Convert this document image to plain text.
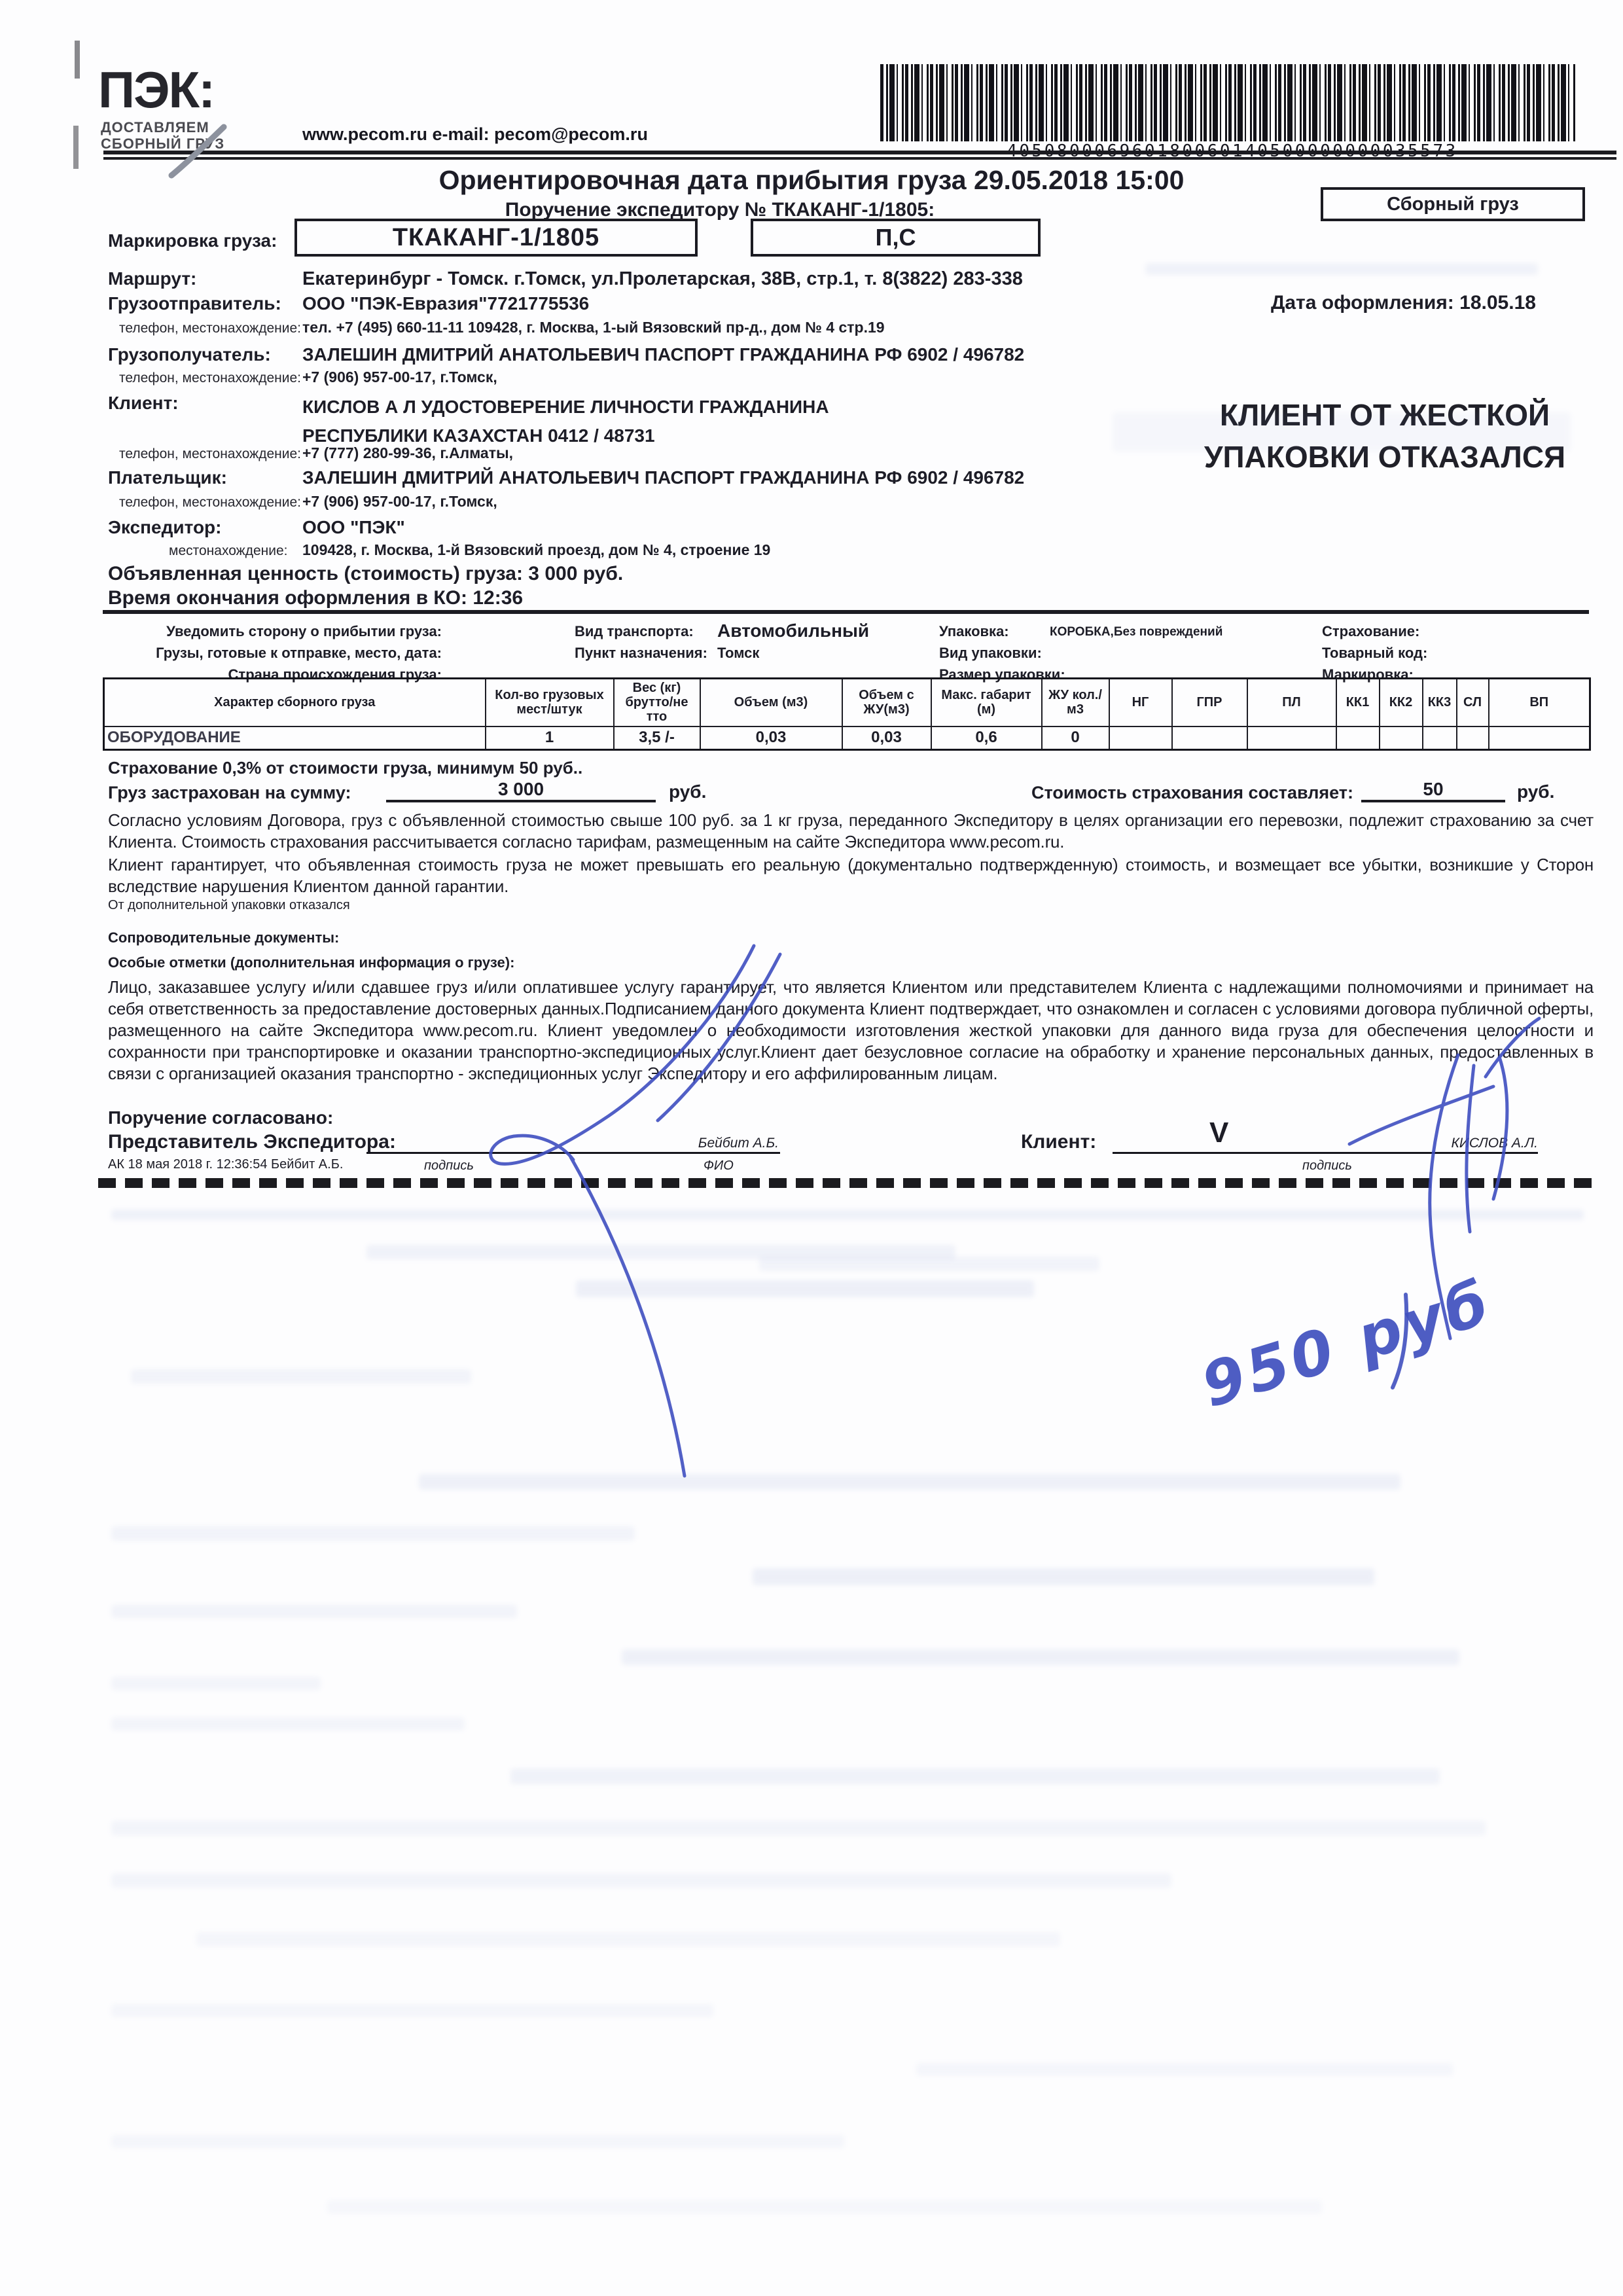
ПЭК:
ДОСТАВЛЯЕМ
СБОРНЫЙ ГРУЗ	www.pecom.ru e-mail: pecom@pecom.ru
405080006960180060140500000000035573
Ориентировочная дата прибытия груза 29.05.2018 15:00
Поручение экспедитору № ТКАКАНГ-1/1805:	Сборный груз
Маркировка груза:	ТКАКАНГ-1/1805	П,С
Маршрут:	Екатеринбург - Томск. г.Томск, ул.Пролетарская, 38В, стр.1, т. 8(3822) 283-338
Грузоотправитель: ООО "ПЭК-Евразия"7721775536	Дата оформления: 18.05.18
телефон, местонахождение: тел. +7 (495) 660-11-11 109428, г. Москва, 1-ый Вязовский пр-д., дом № 4 стр.19
Грузополучатель: ЗАЛЕШИН ДМИТРИЙ АНАТОЛЬЕВИЧ ПАСПОРТ ГРАЖДАНИНА РФ 6902 / 496782
телефон, местонахождение: +7 (906) 957-00-17, г.Томск,
Клиент:	КИСЛОВ А Л УДОСТОВЕРЕНИЕ ЛИЧНОСТИ ГРАЖДАНИНА РЕСПУБЛИКИ КАЗАХСТАН 0412 / 48731
телефон, местонахождение: +7 (777) 280-99-36, г.Алматы,
КЛИЕНТ ОТ ЖЕСТКОЙ УПАКОВКИ ОТКАЗАЛСЯ
Плательщик:	ЗАЛЕШИН ДМИТРИЙ АНАТОЛЬЕВИЧ ПАСПОРТ ГРАЖДАНИНА РФ 6902 / 496782
телефон, местонахождение: +7 (906) 957-00-17, г.Томск,
Экспедитор:	ООО "ПЭК"
местонахождение: 109428, г. Москва, 1-й Вязовский проезд, дом № 4, строение 19
Объявленная ценность (стоимость) груза: 3 000 руб.
Время окончания оформления в КО: 12:36
Уведомить сторону о прибытии груза:	Вид транспорта: Автомобильный	Упаковка:	КОРОБКА,Без повреждений	Страхование:
Грузы, готовые к отправке, место, дата:	Пункт назначения: Томск	Вид упаковки:	Товарный код:
Страна происхождения груза:	Размер упаковки:	Маркировка:
Характер сборного груза	Кол-во грузовых мест/штук	Вес (кг) брутто/не тто	Объем (м3)	Объем с ЖУ(м3)	Макс. габарит (м)	ЖУ кол./м3	НГ	ГПР	ПЛ	КК1	КК2	КК3	СЛ	ВП
ОБОРУДОВАНИЕ	1	3,5 /-	0,03	0,03	0,6	0								
Страхование 0,3% от стоимости груза, минимум 50 руб..
Груз застрахован на сумму:	3 000	руб.	Стоимость страхования составляет:	50	руб.
Согласно условиям Договора, груз с объявленной стоимостью свыше 100 руб. за 1 кг груза, переданного Экспедитору в целях организации его перевозки, подлежит страхованию за счет Клиента. Стоимость страхования рассчитывается согласно тарифам, размещенным на сайте Экспедитора www.pecom.ru.
Клиент гарантирует, что объявленная стоимость груза не может превышать его реальную (документально подтвержденную) стоимость, и возмещает все убытки, возникшие у Сторон вследствие нарушения Клиентом данной гарантии.
От дополнительной упаковки отказался
Сопроводительные документы:
Особые отметки (дополнительная информация о грузе):
Лицо, заказавшее услугу и/или сдавшее груз и/или оплатившее услугу гарантирует, что является Клиентом или представителем Клиента с надлежащими полномочиями и принимает на себя ответственность за предоставление достоверных данных.Подписанием данного документа Клиент подтверждает, что ознакомлен и согласен с условиями договора публичной оферты, размещенного на сайте Экспедитора www.pecom.ru. Клиент уведомлен о необходимости изготовления жесткой упаковки для данного вида груза для обеспечения целостности и сохранности при транспортировке и оказании транспортно-экспедиционных услуг.Клиент дает безусловное согласие на обработку и хранение персональных данных, предоставленных в связи с организацией оказания транспортно - экспедиционных услуг Экспедитору и его аффилированным лицам.
Поручение согласовано:
Представитель Экспедитора:	Бейбит А.Б.
подпись	ФИО
АК 18 мая 2018 г. 12:36:54 Бейбит А.Б.
Клиент:	V	КИСЛОВ А.Л.
подпись
950 руб
